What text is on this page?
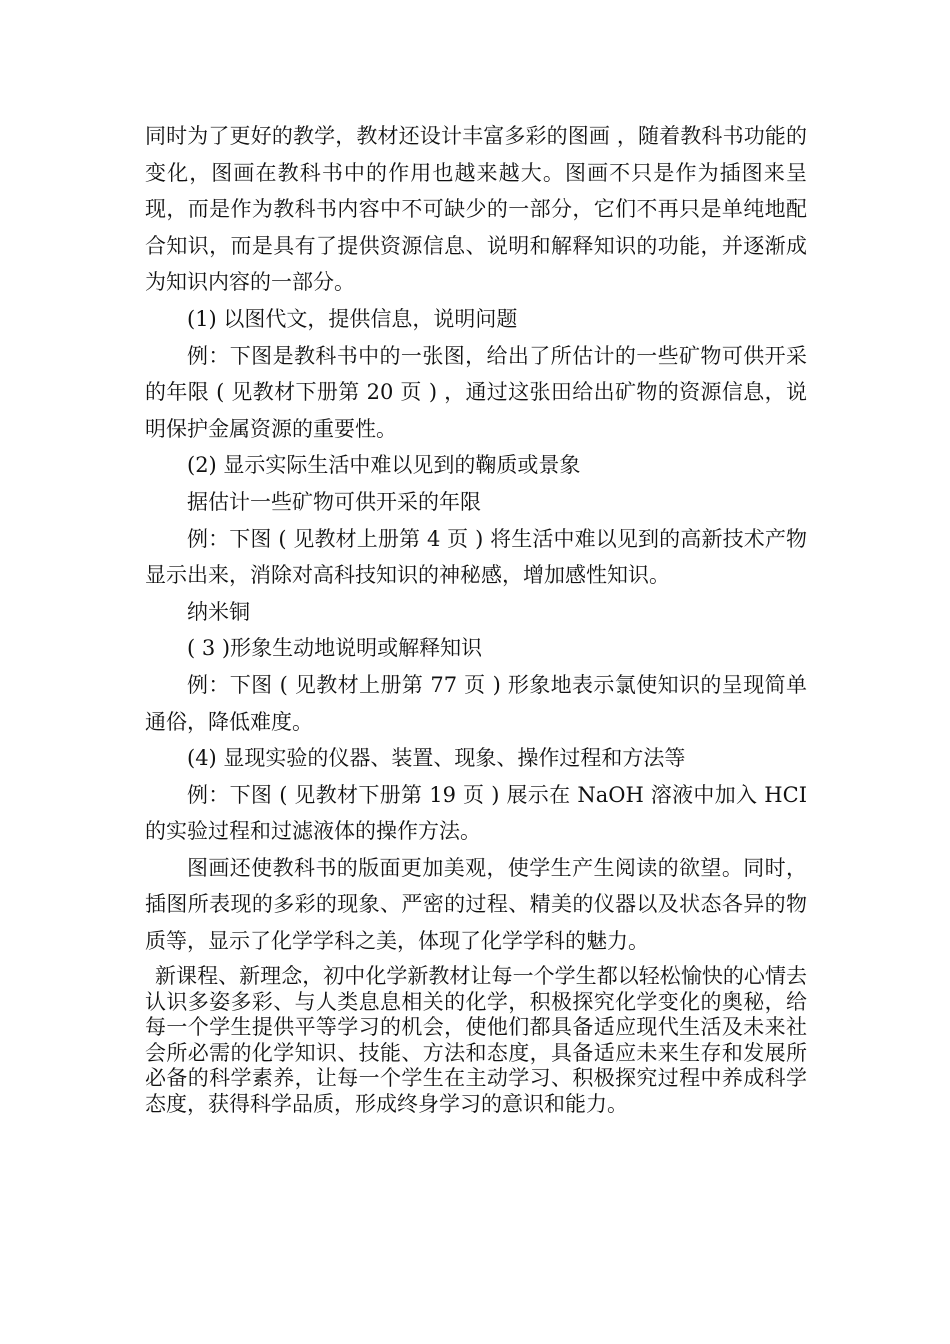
同时为了更好的教学，教材还设计丰富多彩的图画 ，随着教科书功能的变化，图画在教科书中的作用也越来越大。图画不只是作为插图来呈现，而是作为教科书内容中不可缺少的一部分，它们不再只是单纯地配合知识，而是具有了提供资源信息、说明和解释知识的功能，并逐渐成为知识内容的一部分。

(1) 以图代文，提供信息，说明问题

例：下图是教科书中的一张图，给出了所估计的一些矿物可供开采的年限 ( 见教材下册第 20 页 ) ，通过这张田给出矿物的资源信息，说明保护金属资源的重要性。

(2) 显示实际生活中难以见到的鞠质或景象

据估计一些矿物可供开采的年限

例：下图 ( 见教材上册第 4 页 ) 将生活中难以见到的高新技术产物显示出来，消除对高科技知识的神秘感，增加感性知识。

纳米铜

( 3 )形象生动地说明或解释知识

例：下图 ( 见教材上册第 77 页 ) 形象地表示氯使知识的呈现简单通俗，降低难度。

(4) 显现实验的仪器、装置、现象、操作过程和方法等

例：下图 ( 见教材下册第 19 页 ) 展示在 NaOH 溶液中加入 HCI 的实验过程和过滤液体的操作方法。

图画还使教科书的版面更加美观，使学生产生阅读的欲望。同时，插图所表现的多彩的现象、严密的过程、精美的仪器以及状态各异的物质等，显示了化学学科之美，体现了化学学科的魅力。

新课程、新理念，初中化学新教材让每一个学生都以轻松愉快的心情去认识多姿多彩、与人类息息相关的化学，积极探究化学变化的奥秘，给每一个学生提供平等学习的机会，使他们都具备适应现代生活及未来社会所必需的化学知识、技能、方法和态度，具备适应未来生存和发展所必备的科学素养，让每一个学生在主动学习、积极探究过程中养成科学态度，获得科学品质，形成终身学习的意识和能力。
